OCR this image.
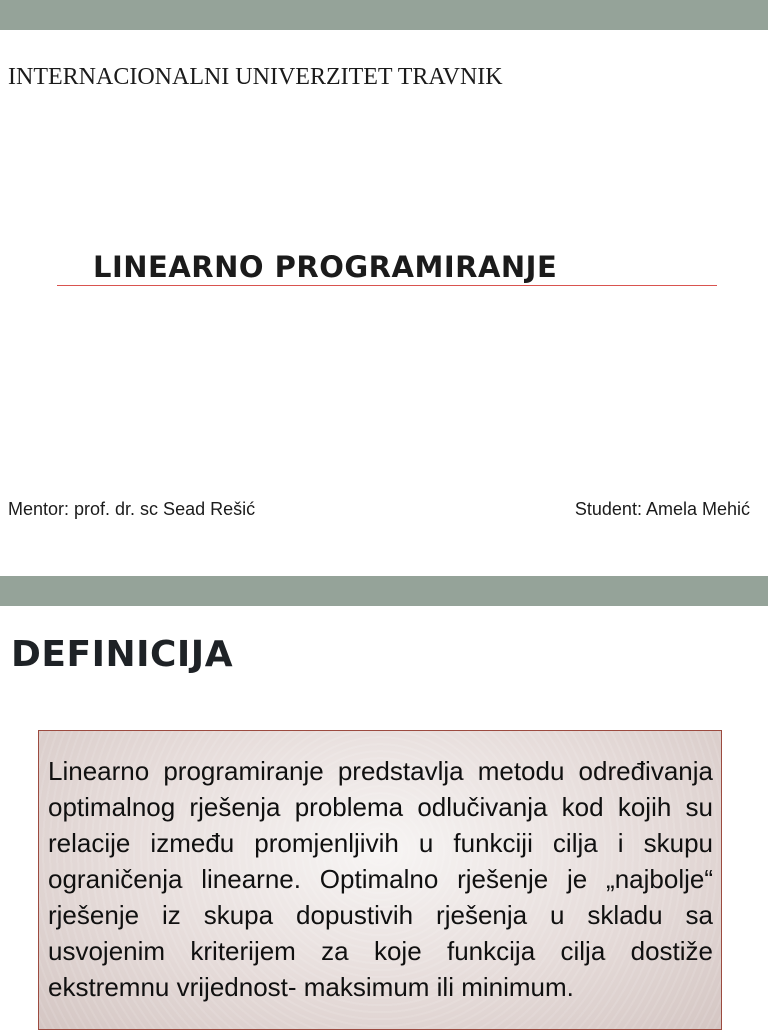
INTERNACIONALNI UNIVERZITET TRAVNIK
LINEARNO PROGRAMIRANJE
Mentor: prof. dr. sc Sead Rešić	Student: Amela Mehić
DEFINICIJA

Linearno programiranje predstavlja metodu određivanja optimalnog rješenja problema odlučivanja kod kojih su relacije između promjenljivih u funkciji cilja i skupu ograničenja linearne. Optimalno rješenje je „najbolje“ rješenje iz skupa dopustivih rješenja u skladu sa usvojenim kriterijem za koje funkcija cilja dostiže ekstremnu vrijednost- maksimum ili minimum.
